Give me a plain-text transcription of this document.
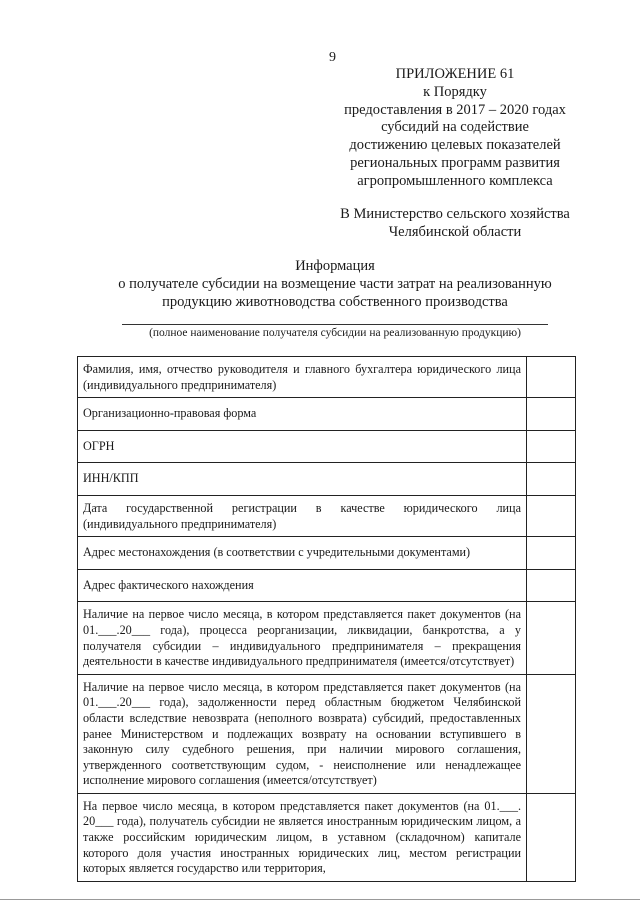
9
ПРИЛОЖЕНИЕ 61
к Порядку
предоставления в 2017 – 2020 годах
субсидий на содействие
достижению целевых показателей
региональных программ развития
агропромышленного комплекса
В Министерство сельского хозяйства
Челябинской области
Информация
о получателе субсидии на возмещение части затрат на реализованную
продукцию животноводства собственного производства
(полное наименование получателя субсидии на реализованную продукцию)
Фамилия, имя, отчество руководителя и главного бухгалтера юридического лица (индивидуального предпринимателя)	
Организационно-правовая форма	
ОГРН	
ИНН/КПП	
Дата государственной регистрации в качестве юридического лица (индивидуального предпринимателя)	
Адрес местонахождения (в соответствии с учредительными документами)	
Адрес фактического нахождения	
Наличие на первое число месяца, в котором представляется пакет документов (на 01.___.20___ года), процесса реорганизации, ликвидации, банкротства, а у получателя субсидии – индивидуального предпринимателя – прекращения деятельности в качестве индивидуального предпринимателя (имеется/отсутствует)	
Наличие на первое число месяца, в котором представляется пакет документов (на 01.___.20___ года), задолженности перед областным бюджетом Челябинской области вследствие невозврата (неполного возврата) субсидий, предоставленных ранее Министерством и подлежащих возврату на основании вступившего в законную силу судебного решения, при наличии мирового соглашения, утвержденного соответствующим судом, - неисполнение или ненадлежащее исполнение мирового соглашения (имеется/отсутствует)	
На первое число месяца, в котором представляется пакет документов (на 01.___. 20___ года), получатель субсидии не является иностранным юридическим лицом, а также российским юридическим лицом, в уставном (складочном) капитале которого доля участия иностранных юридических лиц, местом регистрации которых является государство или территория,	
